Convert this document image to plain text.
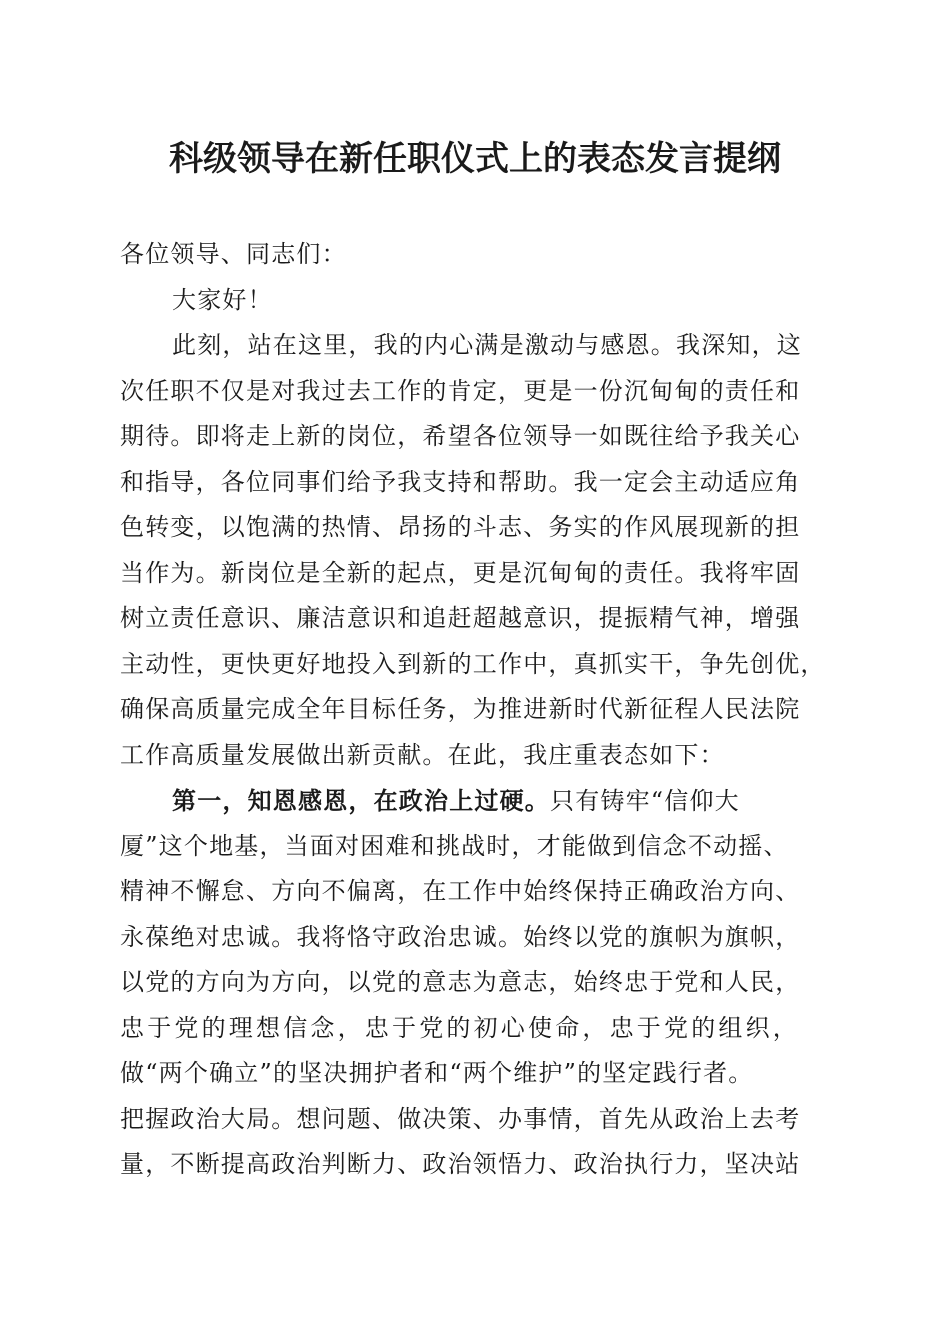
科级领导在新任职仪式上的表态发言提纲
各位领导、同志们：
大家好！
此刻，站在这里，我的内心满是激动与感恩。我深知，这
次任职不仅是对我过去工作的肯定，更是一份沉甸甸的责任和
期待。即将走上新的岗位，希望各位领导一如既往给予我关心
和指导，各位同事们给予我支持和帮助。我一定会主动适应角
色转变，以饱满的热情、昂扬的斗志、务实的作风展现新的担
当作为。新岗位是全新的起点，更是沉甸甸的责任。我将牢固
树立责任意识、廉洁意识和追赶超越意识，提振精气神，增强
主动性，更快更好地投入到新的工作中，真抓实干，争先创优，
确保高质量完成全年目标任务，为推进新时代新征程人民法院
工作高质量发展做出新贡献。在此，我庄重表态如下：
第一，知恩感恩，在政治上过硬。只有铸牢“信仰大
厦”这个地基，当面对困难和挑战时，才能做到信念不动摇、
精神不懈怠、方向不偏离，在工作中始终保持正确政治方向、
永葆绝对忠诚。我将恪守政治忠诚。始终以党的旗帜为旗帜，
以党的方向为方向，以党的意志为意志，始终忠于党和人民，
忠于党的理想信念，忠于党的初心使命，忠于党的组织，
做“两个确立”的坚决拥护者和“两个维护”的坚定践行者。
把握政治大局。想问题、做决策、办事情，首先从政治上去考
量，不断提高政治判断力、政治领悟力、政治执行力，坚决站
